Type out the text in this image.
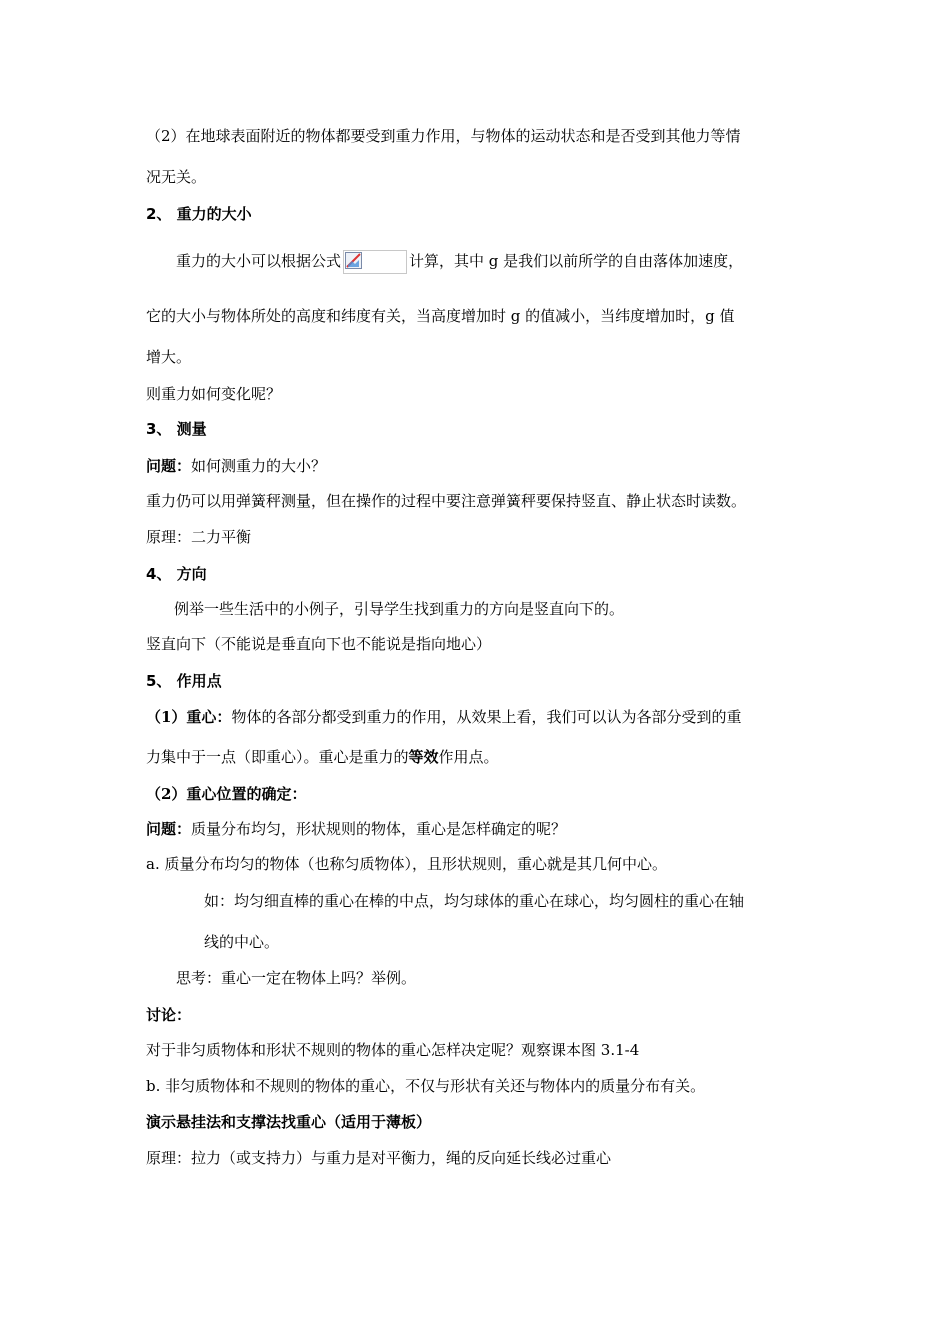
（2）在地球表面附近的物体都要受到重力作用，与物体的运动状态和是否受到其他力等情
况无关。
2、 重力的大小
重力的大小可以根据公式	计算，其中 g 是我们以前所学的自由落体加速度，
它的大小与物体所处的高度和纬度有关，当高度增加时 g 的值减小，当纬度增加时，g 值
增大。
则重力如何变化呢？
3、 测量
问题：如何测重力的大小？
重力仍可以用弹簧秤测量，但在操作的过程中要注意弹簧秤要保持竖直、静止状态时读数。
原理：二力平衡
4、 方向
例举一些生活中的小例子，引导学生找到重力的方向是竖直向下的。
竖直向下（不能说是垂直向下也不能说是指向地心）
5、 作用点
（1）重心：物体的各部分都受到重力的作用，从效果上看，我们可以认为各部分受到的重
力集中于一点（即重心）。重心是重力的等效作用点。
（2）重心位置的确定：
问题：质量分布均匀，形状规则的物体，重心是怎样确定的呢？
a. 质量分布均匀的物体（也称匀质物体），且形状规则，重心就是其几何中心。
如：均匀细直棒的重心在棒的中点，均匀球体的重心在球心，均匀圆柱的重心在轴
线的中心。
思考：重心一定在物体上吗？举例。
讨论：
对于非匀质物体和形状不规则的物体的重心怎样决定呢？观察课本图 3.1-4
b. 非匀质物体和不规则的物体的重心，不仅与形状有关还与物体内的质量分布有关。
演示悬挂法和支撑法找重心（适用于薄板）
原理：拉力（或支持力）与重力是对平衡力，绳的反向延长线必过重心
